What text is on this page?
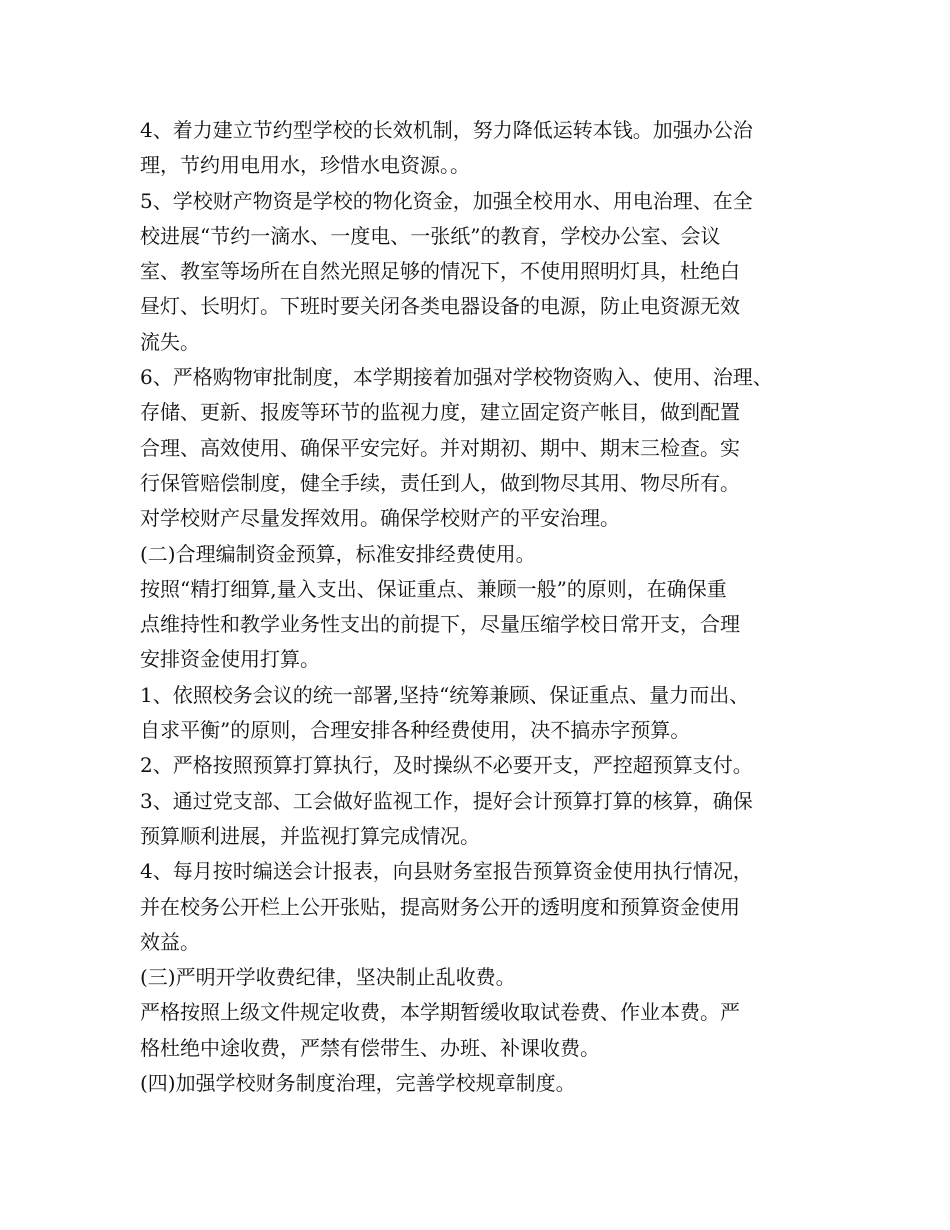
4、着力建立节约型学校的长效机制，努力降低运转本钱。加强办公治
理，节约用电用水，珍惜水电资源。。
5、学校财产物资是学校的物化资金，加强全校用水、用电治理、在全
校进展“节约一滴水、一度电、一张纸”的教育，学校办公室、会议
室、教室等场所在自然光照足够的情况下，不使用照明灯具，杜绝白
昼灯、长明灯。下班时要关闭各类电器设备的电源，防止电资源无效
流失。
6、严格购物审批制度，本学期接着加强对学校物资购入、使用、治理、
存储、更新、报废等环节的监视力度，建立固定资产帐目，做到配置
合理、高效使用、确保平安完好。并对期初、期中、期末三检查。实
行保管赔偿制度，健全手续，责任到人，做到物尽其用、物尽所有。
对学校财产尽量发挥效用。确保学校财产的平安治理。
(二)合理编制资金预算，标准安排经费使用。
按照“精打细算,量入支出、保证重点、兼顾一般”的原则，在确保重
点维持性和教学业务性支出的前提下，尽量压缩学校日常开支，合理
安排资金使用打算。
1、依照校务会议的统一部署,坚持“统筹兼顾、保证重点、量力而出、
自求平衡”的原则，合理安排各种经费使用，决不搞赤字预算。
2、严格按照预算打算执行，及时操纵不必要开支，严控超预算支付。
3、通过党支部、工会做好监视工作，提好会计预算打算的核算，确保
预算顺利进展，并监视打算完成情况。
4、每月按时编送会计报表，向县财务室报告预算资金使用执行情况，
并在校务公开栏上公开张贴，提高财务公开的透明度和预算资金使用
效益。
(三)严明开学收费纪律，坚决制止乱收费。
严格按照上级文件规定收费，本学期暂缓收取试卷费、作业本费。严
格杜绝中途收费，严禁有偿带生、办班、补课收费。
(四)加强学校财务制度治理，完善学校规章制度。
